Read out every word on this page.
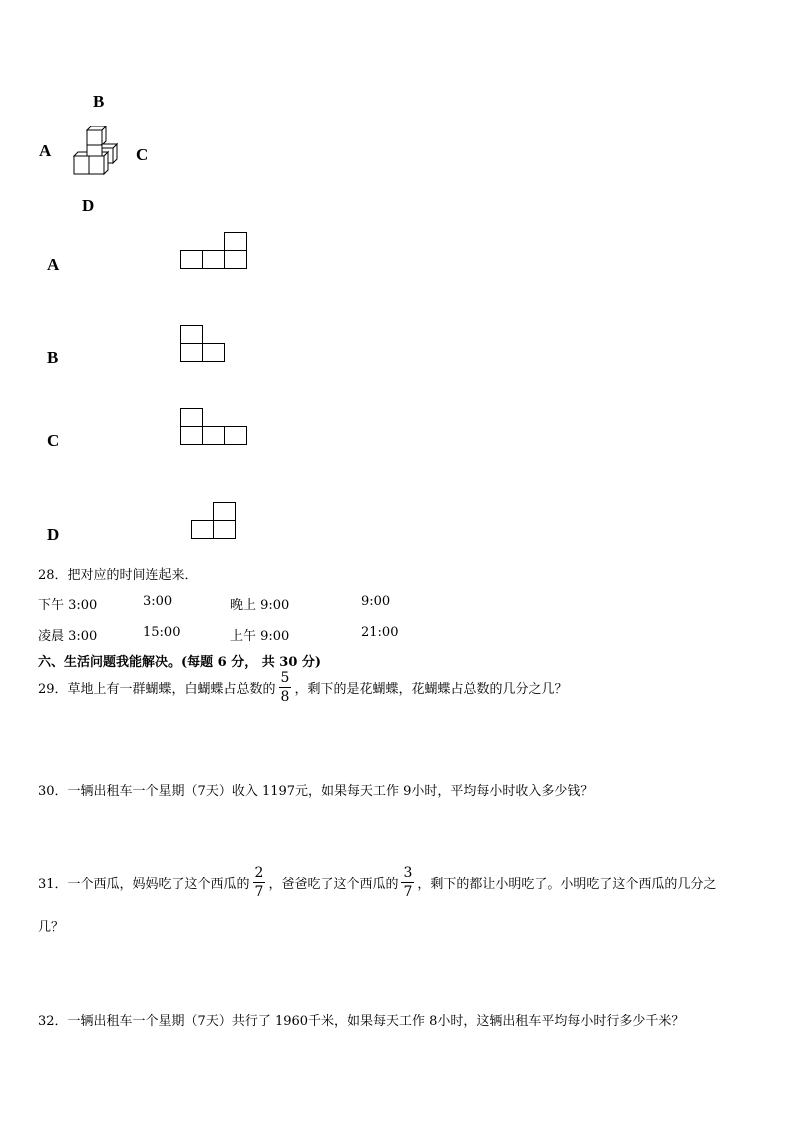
B
A	C
D
A
B
C
D
28．把对应的时间连起来．
下午 3:00	3:00	晚上 9:00	9:00
凌晨 3:00	15:00	上午 9:00	21:00
六、生活问题我能解决。(每题 6 分， 共 30 分)
29．草地上有一群蝴蝶，白蝴蝶占总数的 $\frac{5}{8}$ ，剩下的是花蝴蝶，花蝴蝶占总数的几分之几？
30．一辆出租车一个星期（7天）收入 1197元，如果每天工作 9小时，平均每小时收入多少钱？
31．一个西瓜，妈妈吃了这个西瓜的 $\frac{2}{7}$ ，爸爸吃了这个西瓜的 $\frac{3}{7}$ ，剩下的都让小明吃了。小明吃了这个西瓜的几分之
几？
32．一辆出租车一个星期（7天）共行了 1960千米，如果每天工作 8小时，这辆出租车平均每小时行多少千米？
